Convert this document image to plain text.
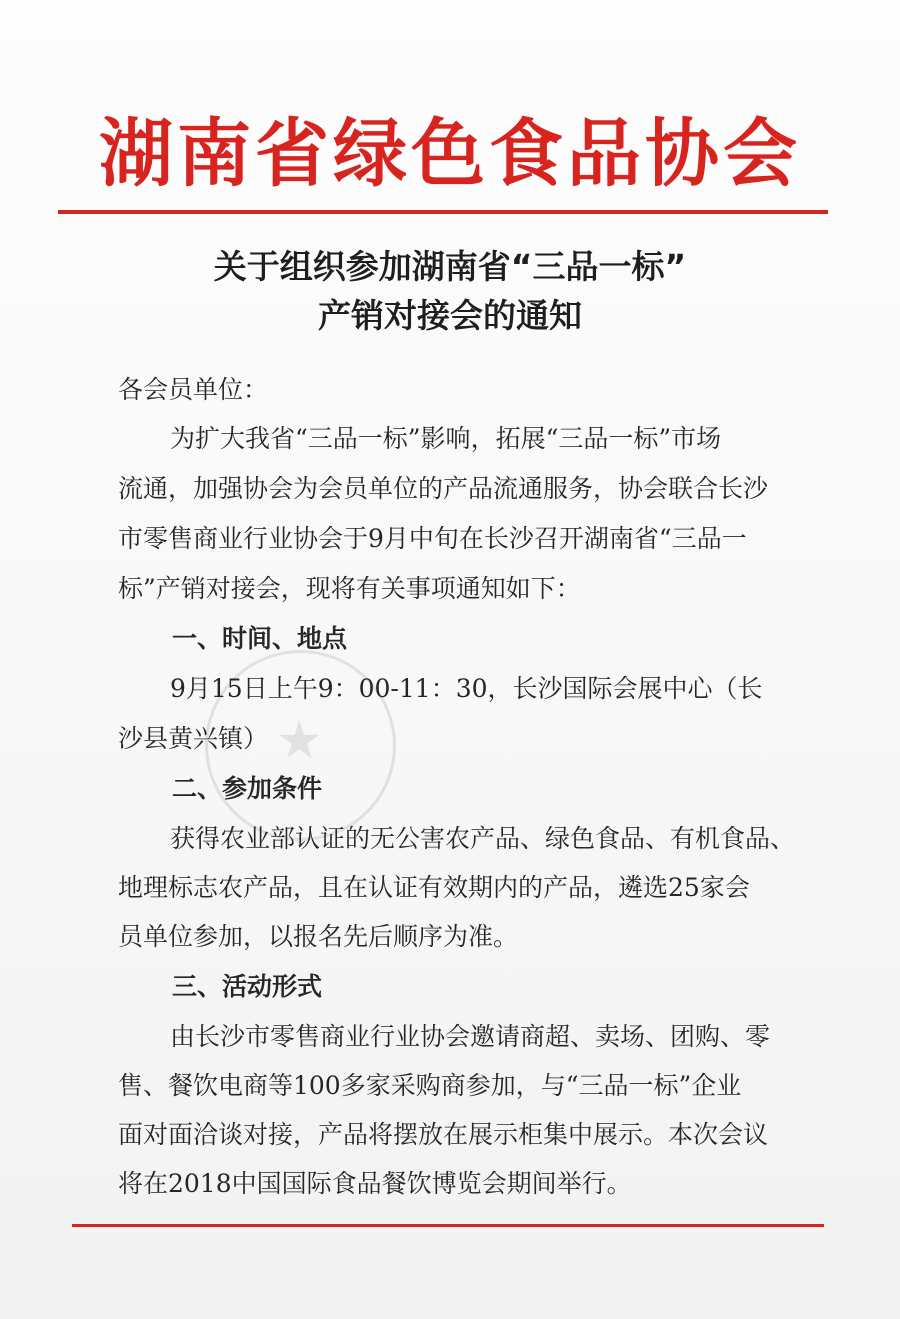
湖南省绿色食品协会
关于组织参加湖南省“三品一标”
产销对接会的通知
★
各会员单位：
为扩大我省“三品一标”影响，拓展“三品一标”市场
流通，加强协会为会员单位的产品流通服务，协会联合长沙
市零售商业行业协会于9月中旬在长沙召开湖南省“三品一
标”产销对接会，现将有关事项通知如下：
一、时间、地点
9月15日上午9：00-11：30，长沙国际会展中心（长
沙县黄兴镇）
二、参加条件
获得农业部认证的无公害农产品、绿色食品、有机食品、
地理标志农产品，且在认证有效期内的产品，遴选25家会
员单位参加，以报名先后顺序为准。
三、活动形式
由长沙市零售商业行业协会邀请商超、卖场、团购、零
售、餐饮电商等100多家采购商参加，与“三品一标”企业
面对面洽谈对接，产品将摆放在展示柜集中展示。本次会议
将在2018中国国际食品餐饮博览会期间举行。
